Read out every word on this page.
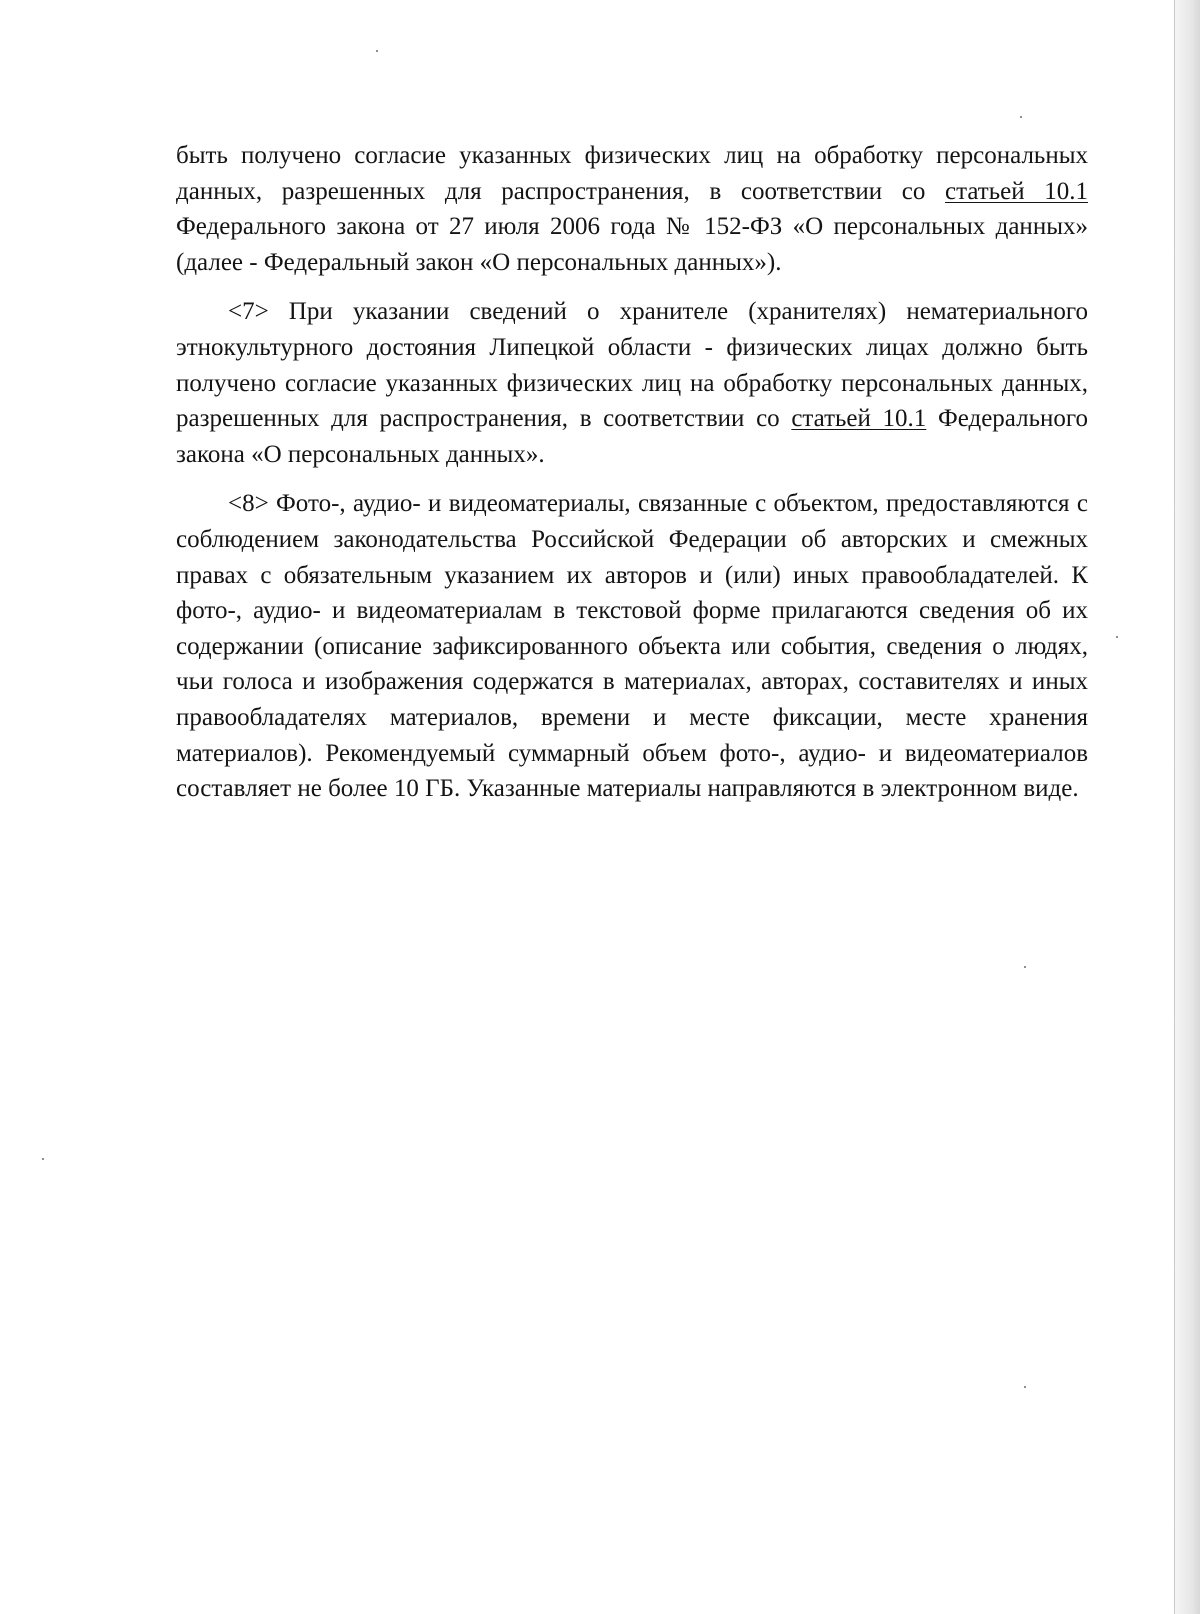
быть получено согласие указанных физических лиц на обработку персональных данных, разрешенных для распространения, в соответствии со статьей 10.1 Федерального закона от 27 июля 2006 года № 152-ФЗ «О персональных данных» (далее - Федеральный закон «О персональных данных»).

<7> При указании сведений о хранителе (хранителях) нематериального этнокультурного достояния Липецкой области - физических лицах должно быть получено согласие указанных физических лиц на обработку персональных данных, разрешенных для распространения, в соответствии со статьей 10.1 Федерального закона «О персональных данных».

<8> Фото-, аудио- и видеоматериалы, связанные с объектом, предоставляются с соблюдением законодательства Российской Федерации об авторских и смежных правах с обязательным указанием их авторов и (или) иных правообладателей. К фото-, аудио- и видеоматериалам в текстовой форме прилагаются сведения об их содержании (описание зафиксированного объекта или события, сведения о людях, чьи голоса и изображения содержатся в материалах, авторах, составителях и иных правообладателях материалов, времени и месте фиксации, месте хранения материалов). Рекомендуемый суммарный объем фото-, аудио- и видеоматериалов составляет не более 10 ГБ. Указанные материалы направляются в электронном виде.
